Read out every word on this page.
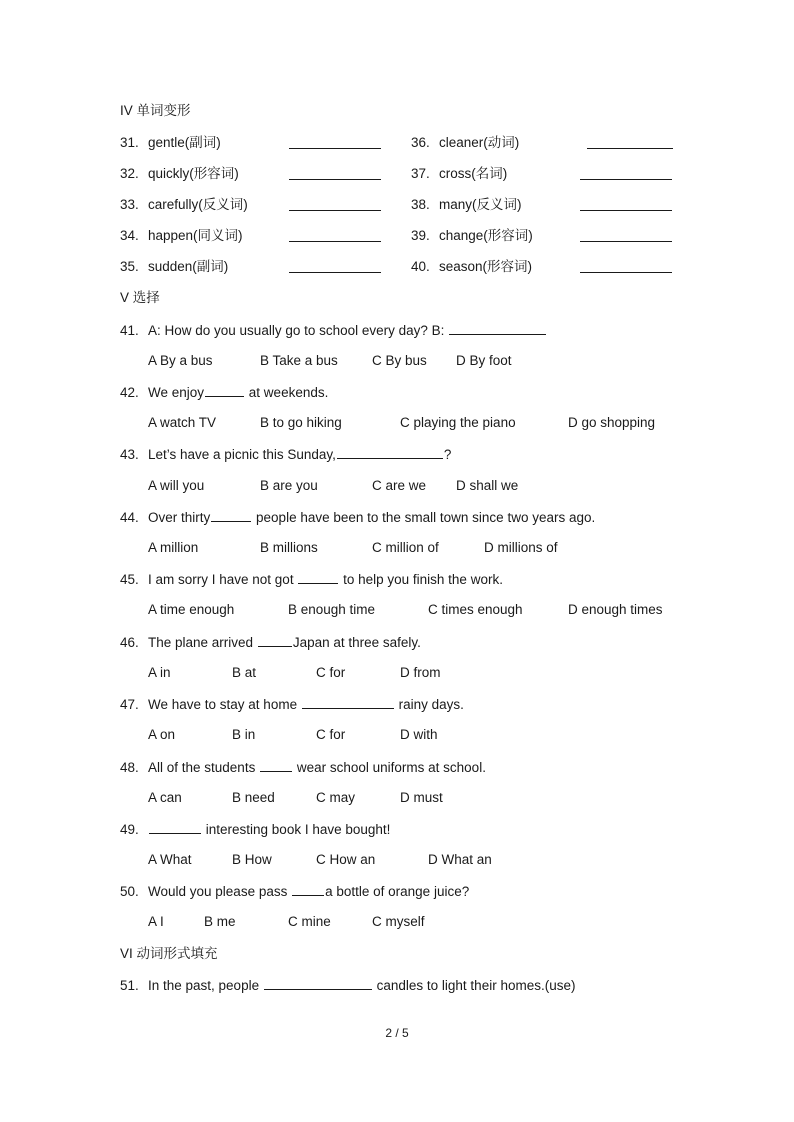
IV 单词变形
31. gentle(副词)	36. cleaner(动词)
32. quickly(形容词)	37. cross(名词)
33. carefully(反义词)	38. many(反义词)
34. happen(同义词)	39. change(形容词)
35. sudden(副词)	40. season(形容词)
V 选择
41. A: How do you usually go to school every day? B:
A By a bus	B Take a bus	C By bus D By foot
42. We enjoy	at weekends.
A watch TV	B to go hiking	C playing the piano	D go shopping
43. Let’s have a picnic this Sunday,	?
A will you	B are you	C are we D shall we
44. Over thirty	people have been to the small town since two years ago.
A million	B millions	C million of	D millions of
45. I am sorry I have not got	to help you finish the work.
A time enough	B enough time	C times enough	D enough times
46. The plane arrived	Japan at three safely.
A in	B at	C for	D from
47. We have to stay at home	rainy days.
A on	B in	C for	D with
48. All of the students	wear school uniforms at school.
A can	B need	C may	D must
49.	interesting book I have bought!
A What	B How	C How an	D What an
50. Would you please pass	a bottle of orange juice?
A I	B me	C mine	C myself
VI 动词形式填充
51. In the past, people	candles to light their homes.(use)
2 / 5
